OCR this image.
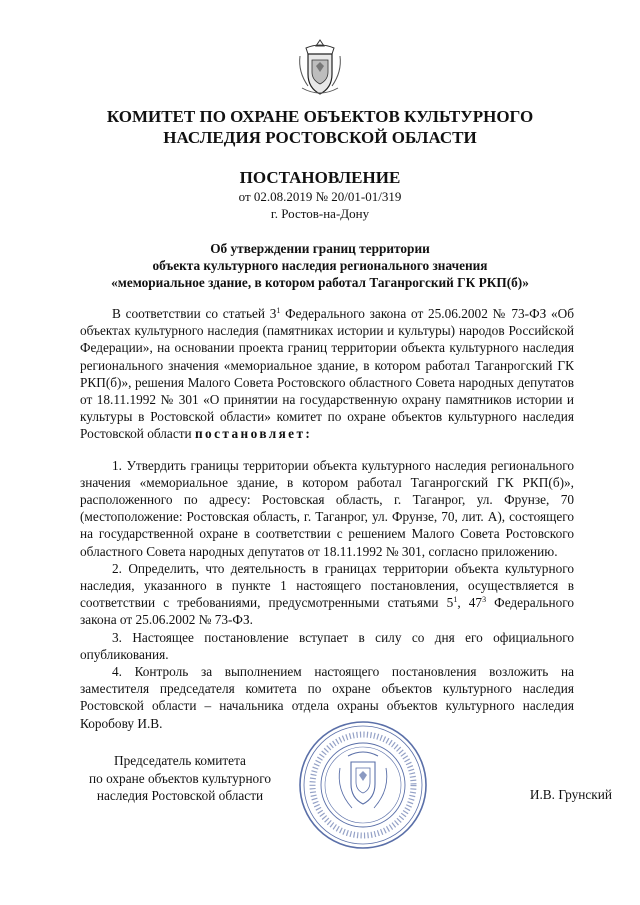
КОМИТЕТ ПО ОХРАНЕ ОБЪЕКТОВ КУЛЬТУРНОГО
НАСЛЕДИЯ РОСТОВСКОЙ ОБЛАСТИ
ПОСТАНОВЛЕНИЕ
от 02.08.2019 № 20/01-01/319
г. Ростов-на-Дону
Об утверждении границ территории
объекта культурного наследия регионального значения
«мемориальное здание, в котором работал Таганрогский ГК РКП(б)»

В соответствии со статьей $3^1$ Федерального закона от 25.06.2002 № 73-ФЗ «Об объектах культурного наследия (памятниках истории и культуры) народов Российской Федерации», на основании проекта границ территории объекта культурного наследия регионального значения «мемориальное здание, в котором работал Таганрогский ГК РКП(б)», решения Малого Совета Ростовского областного Совета народных депутатов от 18.11.1992 № 301 «О принятии на государственную охрану памятников истории и культуры в Ростовской области» комитет по охране объектов культурного наследия Ростовской области постановляет:

1. Утвердить границы территории объекта культурного наследия регионального значения «мемориальное здание, в котором работал Таганрогский ГК РКП(б)», расположенного по адресу: Ростовская область, г. Таганрог, ул. Фрунзе, 70 (местоположение: Ростовская область, г. Таганрог, ул. Фрунзе, 70, лит. А), состоящего на государственной охране в соответствии с решением Малого Совета Ростовского областного Совета народных депутатов от 18.11.1992 № 301, согласно приложению.

2. Определить, что деятельность в границах территории объекта культурного наследия, указанного в пункте 1 настоящего постановления, осуществляется в соответствии с требованиями, предусмотренными статьями $5^1$, $47^3$ Федерального закона от 25.06.2002 № 73-ФЗ.

3. Настоящее постановление вступает в силу со дня его официального опубликования.

4. Контроль за выполнением настоящего постановления возложить на заместителя председателя комитета по охране объектов культурного наследия Ростовской области – начальника отдела охраны объектов культурного наследия Коробову И.В.

Председатель комитета
по охране объектов культурного
наследия Ростовской области	И.В. Грунский
